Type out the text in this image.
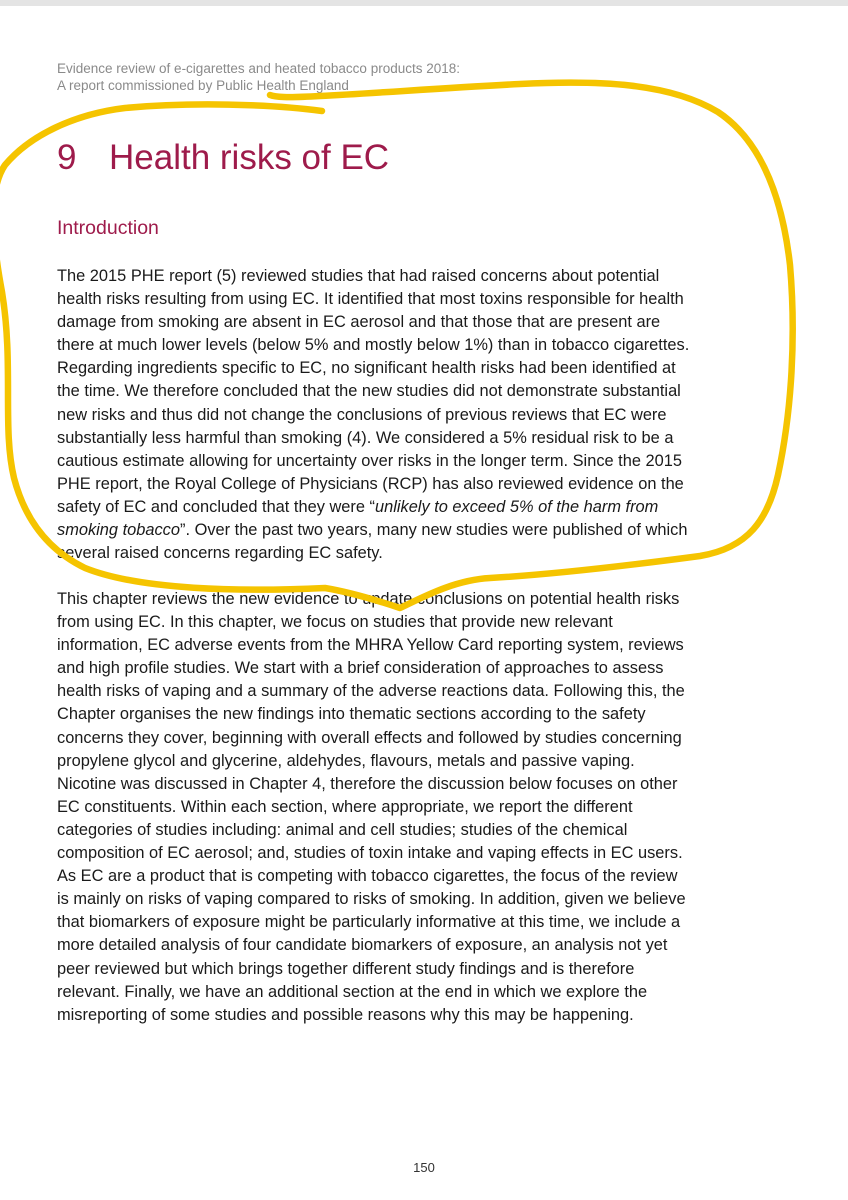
Evidence review of e-cigarettes and heated tobacco products 2018:
A report commissioned by Public Health England
9 Health risks of EC
Introduction
The 2015 PHE report (5) reviewed studies that had raised concerns about potential
health risks resulting from using EC. It identified that most toxins responsible for health
damage from smoking are absent in EC aerosol and that those that are present are
there at much lower levels (below 5% and mostly below 1%) than in tobacco cigarettes.
Regarding ingredients specific to EC, no significant health risks had been identified at
the time. We therefore concluded that the new studies did not demonstrate substantial
new risks and thus did not change the conclusions of previous reviews that EC were
substantially less harmful than smoking (4). We considered a 5% residual risk to be a
cautious estimate allowing for uncertainty over risks in the longer term. Since the 2015
PHE report, the Royal College of Physicians (RCP) has also reviewed evidence on the
safety of EC and concluded that they were “unlikely to exceed 5% of the harm from
smoking tobacco”. Over the past two years, many new studies were published of which
several raised concerns regarding EC safety.
This chapter reviews the new evidence to update conclusions on potential health risks
from using EC. In this chapter, we focus on studies that provide new relevant
information, EC adverse events from the MHRA Yellow Card reporting system, reviews
and high profile studies. We start with a brief consideration of approaches to assess
health risks of vaping and a summary of the adverse reactions data. Following this, the
Chapter organises the new findings into thematic sections according to the safety
concerns they cover, beginning with overall effects and followed by studies concerning
propylene glycol and glycerine, aldehydes, flavours, metals and passive vaping.
Nicotine was discussed in Chapter 4, therefore the discussion below focuses on other
EC constituents. Within each section, where appropriate, we report the different
categories of studies including: animal and cell studies; studies of the chemical
composition of EC aerosol; and, studies of toxin intake and vaping effects in EC users.
As EC are a product that is competing with tobacco cigarettes, the focus of the review
is mainly on risks of vaping compared to risks of smoking. In addition, given we believe
that biomarkers of exposure might be particularly informative at this time, we include a
more detailed analysis of four candidate biomarkers of exposure, an analysis not yet
peer reviewed but which brings together different study findings and is therefore
relevant. Finally, we have an additional section at the end in which we explore the
misreporting of some studies and possible reasons why this may be happening.
150
